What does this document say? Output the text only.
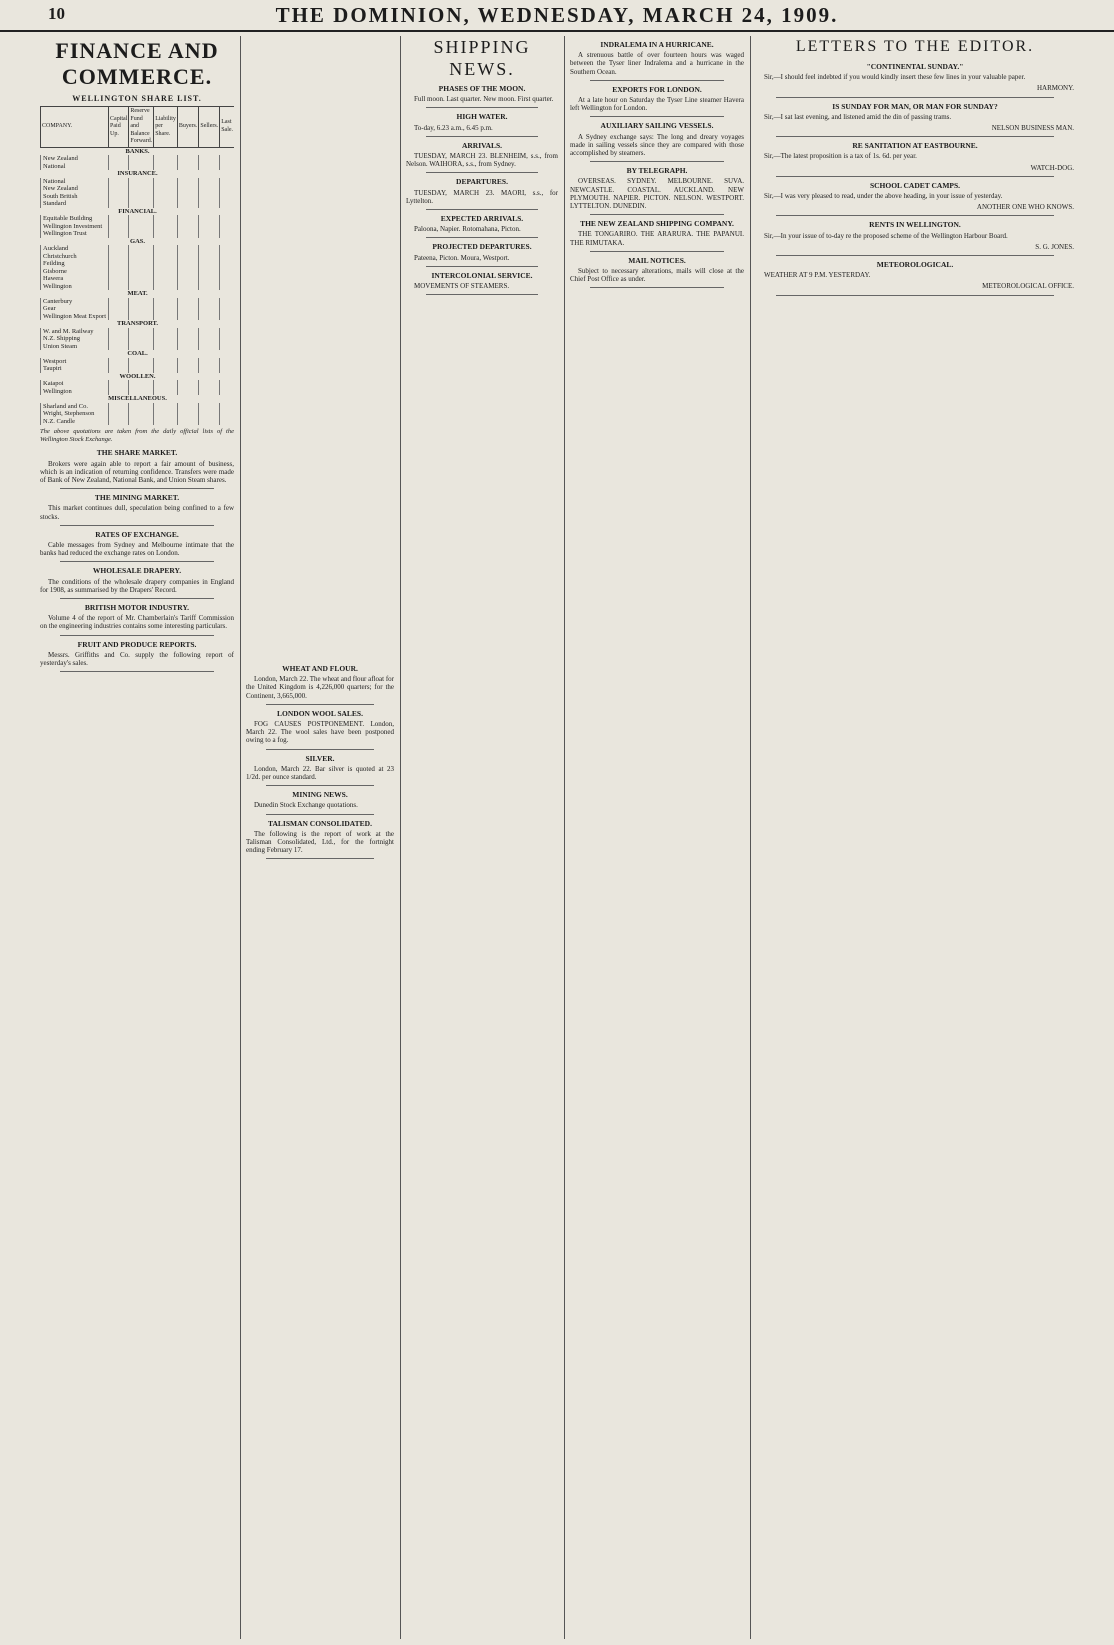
10	THE DOMINION, WEDNESDAY, MARCH 24, 1909.
FINANCE AND COMMERCE.
WELLINGTON SHARE LIST.
COMPANY.	Capital Paid Up.	Reserve Fund and Balance Forward.	Liability per Share.	Buyers.	Sellers.	Last Sale.
BANKS.						
New Zealand						
National						
INSURANCE.						
National						
New Zealand						
South British						
Standard						
FINANCIAL.						
Equitable Building						
Wellington Investment						
Wellington Trust						
GAS.						
Auckland						
Christchurch						
Feilding						
Gisborne						
Hawera						
Wellington						
MEAT.						
Canterbury						
Gear						
Wellington Meat Export						
TRANSPORT.						
W. and M. Railway						
N.Z. Shipping						
Union Steam						
COAL.						
Westport						
Taupiri						
WOOLLEN.						
Kaiapoi						
Wellington						
MISCELLANEOUS.						
Sharland and Co.						
Wright, Stephenson						
N.Z. Candle						
The above quotations are taken from the daily official lists of the Wellington Stock Exchange.
THE SHARE MARKET.

Brokers were again able to report a fair amount of business, which is an indication of returning confidence. Transfers were made of Bank of New Zealand, National Bank, and Union Steam shares.

THE MINING MARKET.

This market continues dull, speculation being confined to a few stocks.

RATES OF EXCHANGE.

Cable messages from Sydney and Melbourne intimate that the banks had reduced the exchange rates on London.

WHOLESALE DRAPERY.

The conditions of the wholesale drapery companies in England for 1908, as summarised by the Drapers' Record.

BRITISH MOTOR INDUSTRY.

Volume 4 of the report of Mr. Chamberlain's Tariff Commission on the engineering industries contains some interesting particulars.

FRUIT AND PRODUCE REPORTS.

Messrs. Griffiths and Co. supply the following report of yesterday's sales.

WHEAT AND FLOUR.

London, March 22. The wheat and flour afloat for the United Kingdom is 4,226,000 quarters; for the Continent, 3,665,000.

LONDON WOOL SALES.

FOG CAUSES POSTPONEMENT. London, March 22. The wool sales have been postponed owing to a fog.

SILVER.

London, March 22. Bar silver is quoted at 23 1/2d. per ounce standard.

MINING NEWS.

Dunedin Stock Exchange quotations.

TALISMAN CONSOLIDATED.

The following is the report of work at the Talisman Consolidated, Ltd., for the fortnight ending February 17.

SHIPPING NEWS.
PHASES OF THE MOON.

Full moon. Last quarter. New moon. First quarter.

HIGH WATER.

To-day, 6.23 a.m., 6.45 p.m.

ARRIVALS.

TUESDAY, MARCH 23. BLENHEIM, s.s., from Nelson. WAIHORA, s.s., from Sydney.

DEPARTURES.

TUESDAY, MARCH 23. MAORI, s.s., for Lyttelton.

EXPECTED ARRIVALS.

Paloona, Napier. Rotomahana, Picton.

PROJECTED DEPARTURES.

Pateena, Picton. Moura, Westport.

INTERCOLONIAL SERVICE.

MOVEMENTS OF STEAMERS.

INDRALEMA IN A HURRICANE.

A strenuous battle of over fourteen hours was waged between the Tyser liner Indralema and a hurricane in the Southern Ocean.

EXPORTS FOR LONDON.

At a late hour on Saturday the Tyser Line steamer Havera left Wellington for London.

AUXILIARY SAILING VESSELS.

A Sydney exchange says: The long and dreary voyages made in sailing vessels since they are compared with those accomplished by steamers.

BY TELEGRAPH.

OVERSEAS. SYDNEY. MELBOURNE. SUVA. NEWCASTLE. COASTAL. AUCKLAND. NEW PLYMOUTH. NAPIER. PICTON. NELSON. WESTPORT. LYTTELTON. DUNEDIN.

THE NEW ZEALAND SHIPPING COMPANY.

THE TONGARIRO. THE ARARURA. THE PAPANUI. THE RIMUTAKA.

MAIL NOTICES.

Subject to necessary alterations, mails will close at the Chief Post Office as under.

LETTERS TO THE EDITOR.
"CONTINENTAL SUNDAY."

Sir,—I should feel indebted if you would kindly insert these few lines in your valuable paper.

HARMONY.
IS SUNDAY FOR MAN, OR MAN FOR SUNDAY?

Sir,—I sat last evening, and listened amid the din of passing trams.

NELSON BUSINESS MAN.
RE SANITATION AT EASTBOURNE.

Sir,—The latest proposition is a tax of 1s. 6d. per year.

WATCH-DOG.
SCHOOL CADET CAMPS.

Sir,—I was very pleased to read, under the above heading, in your issue of yesterday.

ANOTHER ONE WHO KNOWS.
RENTS IN WELLINGTON.

Sir,—In your issue of to-day re the proposed scheme of the Wellington Harbour Board.

S. G. JONES.
METEOROLOGICAL.

WEATHER AT 9 P.M. YESTERDAY.

METEOROLOGICAL OFFICE.
